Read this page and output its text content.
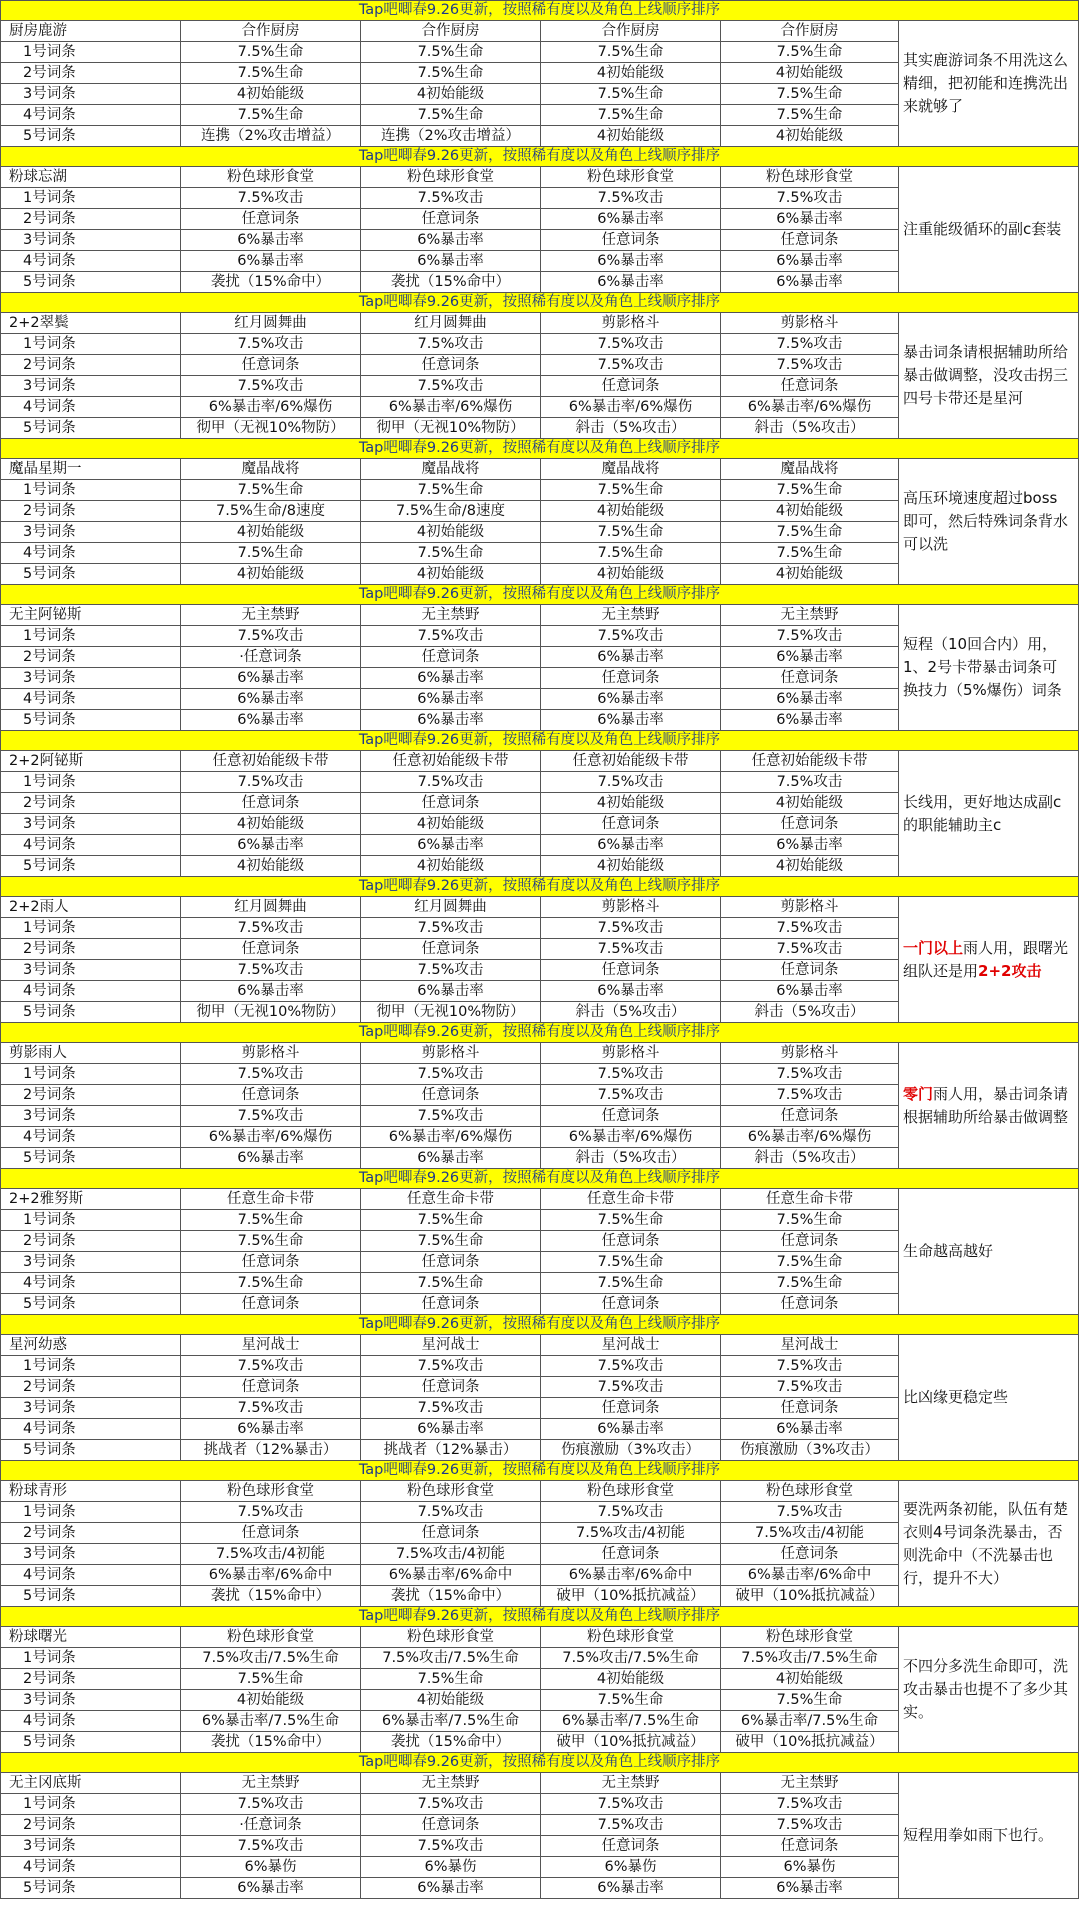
Tap吧唧春9.26更新，按照稀有度以及角色上线顺序排序					
厨房鹿游	合作厨房	合作厨房	合作厨房	合作厨房	其实鹿游词条不用洗这么精细，把初能和连携洗出来就够了
1号词条	7.5%生命	7.5%生命	7.5%生命	7.5%生命	
2号词条	7.5%生命	7.5%生命	4初始能级	4初始能级	
3号词条	4初始能级	4初始能级	7.5%生命	7.5%生命	
4号词条	7.5%生命	7.5%生命	7.5%生命	7.5%生命	
5号词条	连携（2%攻击增益）	连携（2%攻击增益）	4初始能级	4初始能级	
Tap吧唧春9.26更新，按照稀有度以及角色上线顺序排序					
粉球忘湖	粉色球形食堂	粉色球形食堂	粉色球形食堂	粉色球形食堂	注重能级循环的副c套装
1号词条	7.5%攻击	7.5%攻击	7.5%攻击	7.5%攻击	
2号词条	任意词条	任意词条	6%暴击率	6%暴击率	
3号词条	6%暴击率	6%暴击率	任意词条	任意词条	
4号词条	6%暴击率	6%暴击率	6%暴击率	6%暴击率	
5号词条	袭扰（15%命中）	袭扰（15%命中）	6%暴击率	6%暴击率	
Tap吧唧春9.26更新，按照稀有度以及角色上线顺序排序					
2+2翠鬓	红月圆舞曲	红月圆舞曲	剪影格斗	剪影格斗	暴击词条请根据辅助所给暴击做调整，没攻击拐三四号卡带还是星河
1号词条	7.5%攻击	7.5%攻击	7.5%攻击	7.5%攻击	
2号词条	任意词条	任意词条	7.5%攻击	7.5%攻击	
3号词条	7.5%攻击	7.5%攻击	任意词条	任意词条	
4号词条	6%暴击率/6%爆伤	6%暴击率/6%爆伤	6%暴击率/6%爆伤	6%暴击率/6%爆伤	
5号词条	彻甲（无视10%物防）	彻甲（无视10%物防）	斜击（5%攻击）	斜击（5%攻击）	
Tap吧唧春9.26更新，按照稀有度以及角色上线顺序排序					
魔晶星期一	魔晶战将	魔晶战将	魔晶战将	魔晶战将	高压环境速度超过boss即可，然后特殊词条背水可以洗
1号词条	7.5%生命	7.5%生命	7.5%生命	7.5%生命	
2号词条	7.5%生命/8速度	7.5%生命/8速度	4初始能级	4初始能级	
3号词条	4初始能级	4初始能级	7.5%生命	7.5%生命	
4号词条	7.5%生命	7.5%生命	7.5%生命	7.5%生命	
5号词条	4初始能级	4初始能级	4初始能级	4初始能级	
Tap吧唧春9.26更新，按照稀有度以及角色上线顺序排序					
无主阿铋斯	无主禁野	无主禁野	无主禁野	无主禁野	短程（10回合内）用，1、2号卡带暴击词条可换技力（5%爆伤）词条
1号词条	7.5%攻击	7.5%攻击	7.5%攻击	7.5%攻击	
2号词条	·任意词条	任意词条	6%暴击率	6%暴击率	
3号词条	6%暴击率	6%暴击率	任意词条	任意词条	
4号词条	6%暴击率	6%暴击率	6%暴击率	6%暴击率	
5号词条	6%暴击率	6%暴击率	6%暴击率	6%暴击率	
Tap吧唧春9.26更新，按照稀有度以及角色上线顺序排序					
2+2阿铋斯	任意初始能级卡带	任意初始能级卡带	任意初始能级卡带	任意初始能级卡带	长线用，更好地达成副c的职能辅助主c
1号词条	7.5%攻击	7.5%攻击	7.5%攻击	7.5%攻击	
2号词条	任意词条	任意词条	4初始能级	4初始能级	
3号词条	4初始能级	4初始能级	任意词条	任意词条	
4号词条	6%暴击率	6%暴击率	6%暴击率	6%暴击率	
5号词条	4初始能级	4初始能级	4初始能级	4初始能级	
Tap吧唧春9.26更新，按照稀有度以及角色上线顺序排序					
2+2雨人	红月圆舞曲	红月圆舞曲	剪影格斗	剪影格斗	一门以上雨人用，跟曙光组队还是用2+2攻击
1号词条	7.5%攻击	7.5%攻击	7.5%攻击	7.5%攻击	
2号词条	任意词条	任意词条	7.5%攻击	7.5%攻击	
3号词条	7.5%攻击	7.5%攻击	任意词条	任意词条	
4号词条	6%暴击率	6%暴击率	6%暴击率	6%暴击率	
5号词条	彻甲（无视10%物防）	彻甲（无视10%物防）	斜击（5%攻击）	斜击（5%攻击）	
Tap吧唧春9.26更新，按照稀有度以及角色上线顺序排序					
剪影雨人	剪影格斗	剪影格斗	剪影格斗	剪影格斗	零门雨人用，暴击词条请根据辅助所给暴击做调整
1号词条	7.5%攻击	7.5%攻击	7.5%攻击	7.5%攻击	
2号词条	任意词条	任意词条	7.5%攻击	7.5%攻击	
3号词条	7.5%攻击	7.5%攻击	任意词条	任意词条	
4号词条	6%暴击率/6%爆伤	6%暴击率/6%爆伤	6%暴击率/6%爆伤	6%暴击率/6%爆伤	
5号词条	6%暴击率	6%暴击率	斜击（5%攻击）	斜击（5%攻击）	
Tap吧唧春9.26更新，按照稀有度以及角色上线顺序排序					
2+2雅努斯	任意生命卡带	任意生命卡带	任意生命卡带	任意生命卡带	生命越高越好
1号词条	7.5%生命	7.5%生命	7.5%生命	7.5%生命	
2号词条	7.5%生命	7.5%生命	任意词条	任意词条	
3号词条	任意词条	任意词条	7.5%生命	7.5%生命	
4号词条	7.5%生命	7.5%生命	7.5%生命	7.5%生命	
5号词条	任意词条	任意词条	任意词条	任意词条	
Tap吧唧春9.26更新，按照稀有度以及角色上线顺序排序					
星河幼惑	星河战士	星河战士	星河战士	星河战士	比凶缘更稳定些
1号词条	7.5%攻击	7.5%攻击	7.5%攻击	7.5%攻击	
2号词条	任意词条	任意词条	7.5%攻击	7.5%攻击	
3号词条	7.5%攻击	7.5%攻击	任意词条	任意词条	
4号词条	6%暴击率	6%暴击率	6%暴击率	6%暴击率	
5号词条	挑战者（12%暴击）	挑战者（12%暴击）	伤痕激励（3%攻击）	伤痕激励（3%攻击）	
Tap吧唧春9.26更新，按照稀有度以及角色上线顺序排序					
粉球青形	粉色球形食堂	粉色球形食堂	粉色球形食堂	粉色球形食堂	要洗两条初能，队伍有楚衣则4号词条洗暴击，否则洗命中（不洗暴击也行，提升不大）
1号词条	7.5%攻击	7.5%攻击	7.5%攻击	7.5%攻击	
2号词条	任意词条	任意词条	7.5%攻击/4初能	7.5%攻击/4初能	
3号词条	7.5%攻击/4初能	7.5%攻击/4初能	任意词条	任意词条	
4号词条	6%暴击率/6%命中	6%暴击率/6%命中	6%暴击率/6%命中	6%暴击率/6%命中	
5号词条	袭扰（15%命中）	袭扰（15%命中）	破甲（10%抵抗减益）	破甲（10%抵抗减益）	
Tap吧唧春9.26更新，按照稀有度以及角色上线顺序排序					
粉球曙光	粉色球形食堂	粉色球形食堂	粉色球形食堂	粉色球形食堂	不四分多洗生命即可，洗攻击暴击也提不了多少其实。
1号词条	7.5%攻击/7.5%生命	7.5%攻击/7.5%生命	7.5%攻击/7.5%生命	7.5%攻击/7.5%生命	
2号词条	7.5%生命	7.5%生命	4初始能级	4初始能级	
3号词条	4初始能级	4初始能级	7.5%生命	7.5%生命	
4号词条	6%暴击率/7.5%生命	6%暴击率/7.5%生命	6%暴击率/7.5%生命	6%暴击率/7.5%生命	
5号词条	袭扰（15%命中）	袭扰（15%命中）	破甲（10%抵抗减益）	破甲（10%抵抗减益）	
Tap吧唧春9.26更新，按照稀有度以及角色上线顺序排序					
无主冈底斯	无主禁野	无主禁野	无主禁野	无主禁野	短程用拳如雨下也行。
1号词条	7.5%攻击	7.5%攻击	7.5%攻击	7.5%攻击	
2号词条	·任意词条	任意词条	7.5%攻击	7.5%攻击	
3号词条	7.5%攻击	7.5%攻击	任意词条	任意词条	
4号词条	6%暴伤	6%暴伤	6%暴伤	6%暴伤	
5号词条	6%暴击率	6%暴击率	6%暴击率	6%暴击率	
